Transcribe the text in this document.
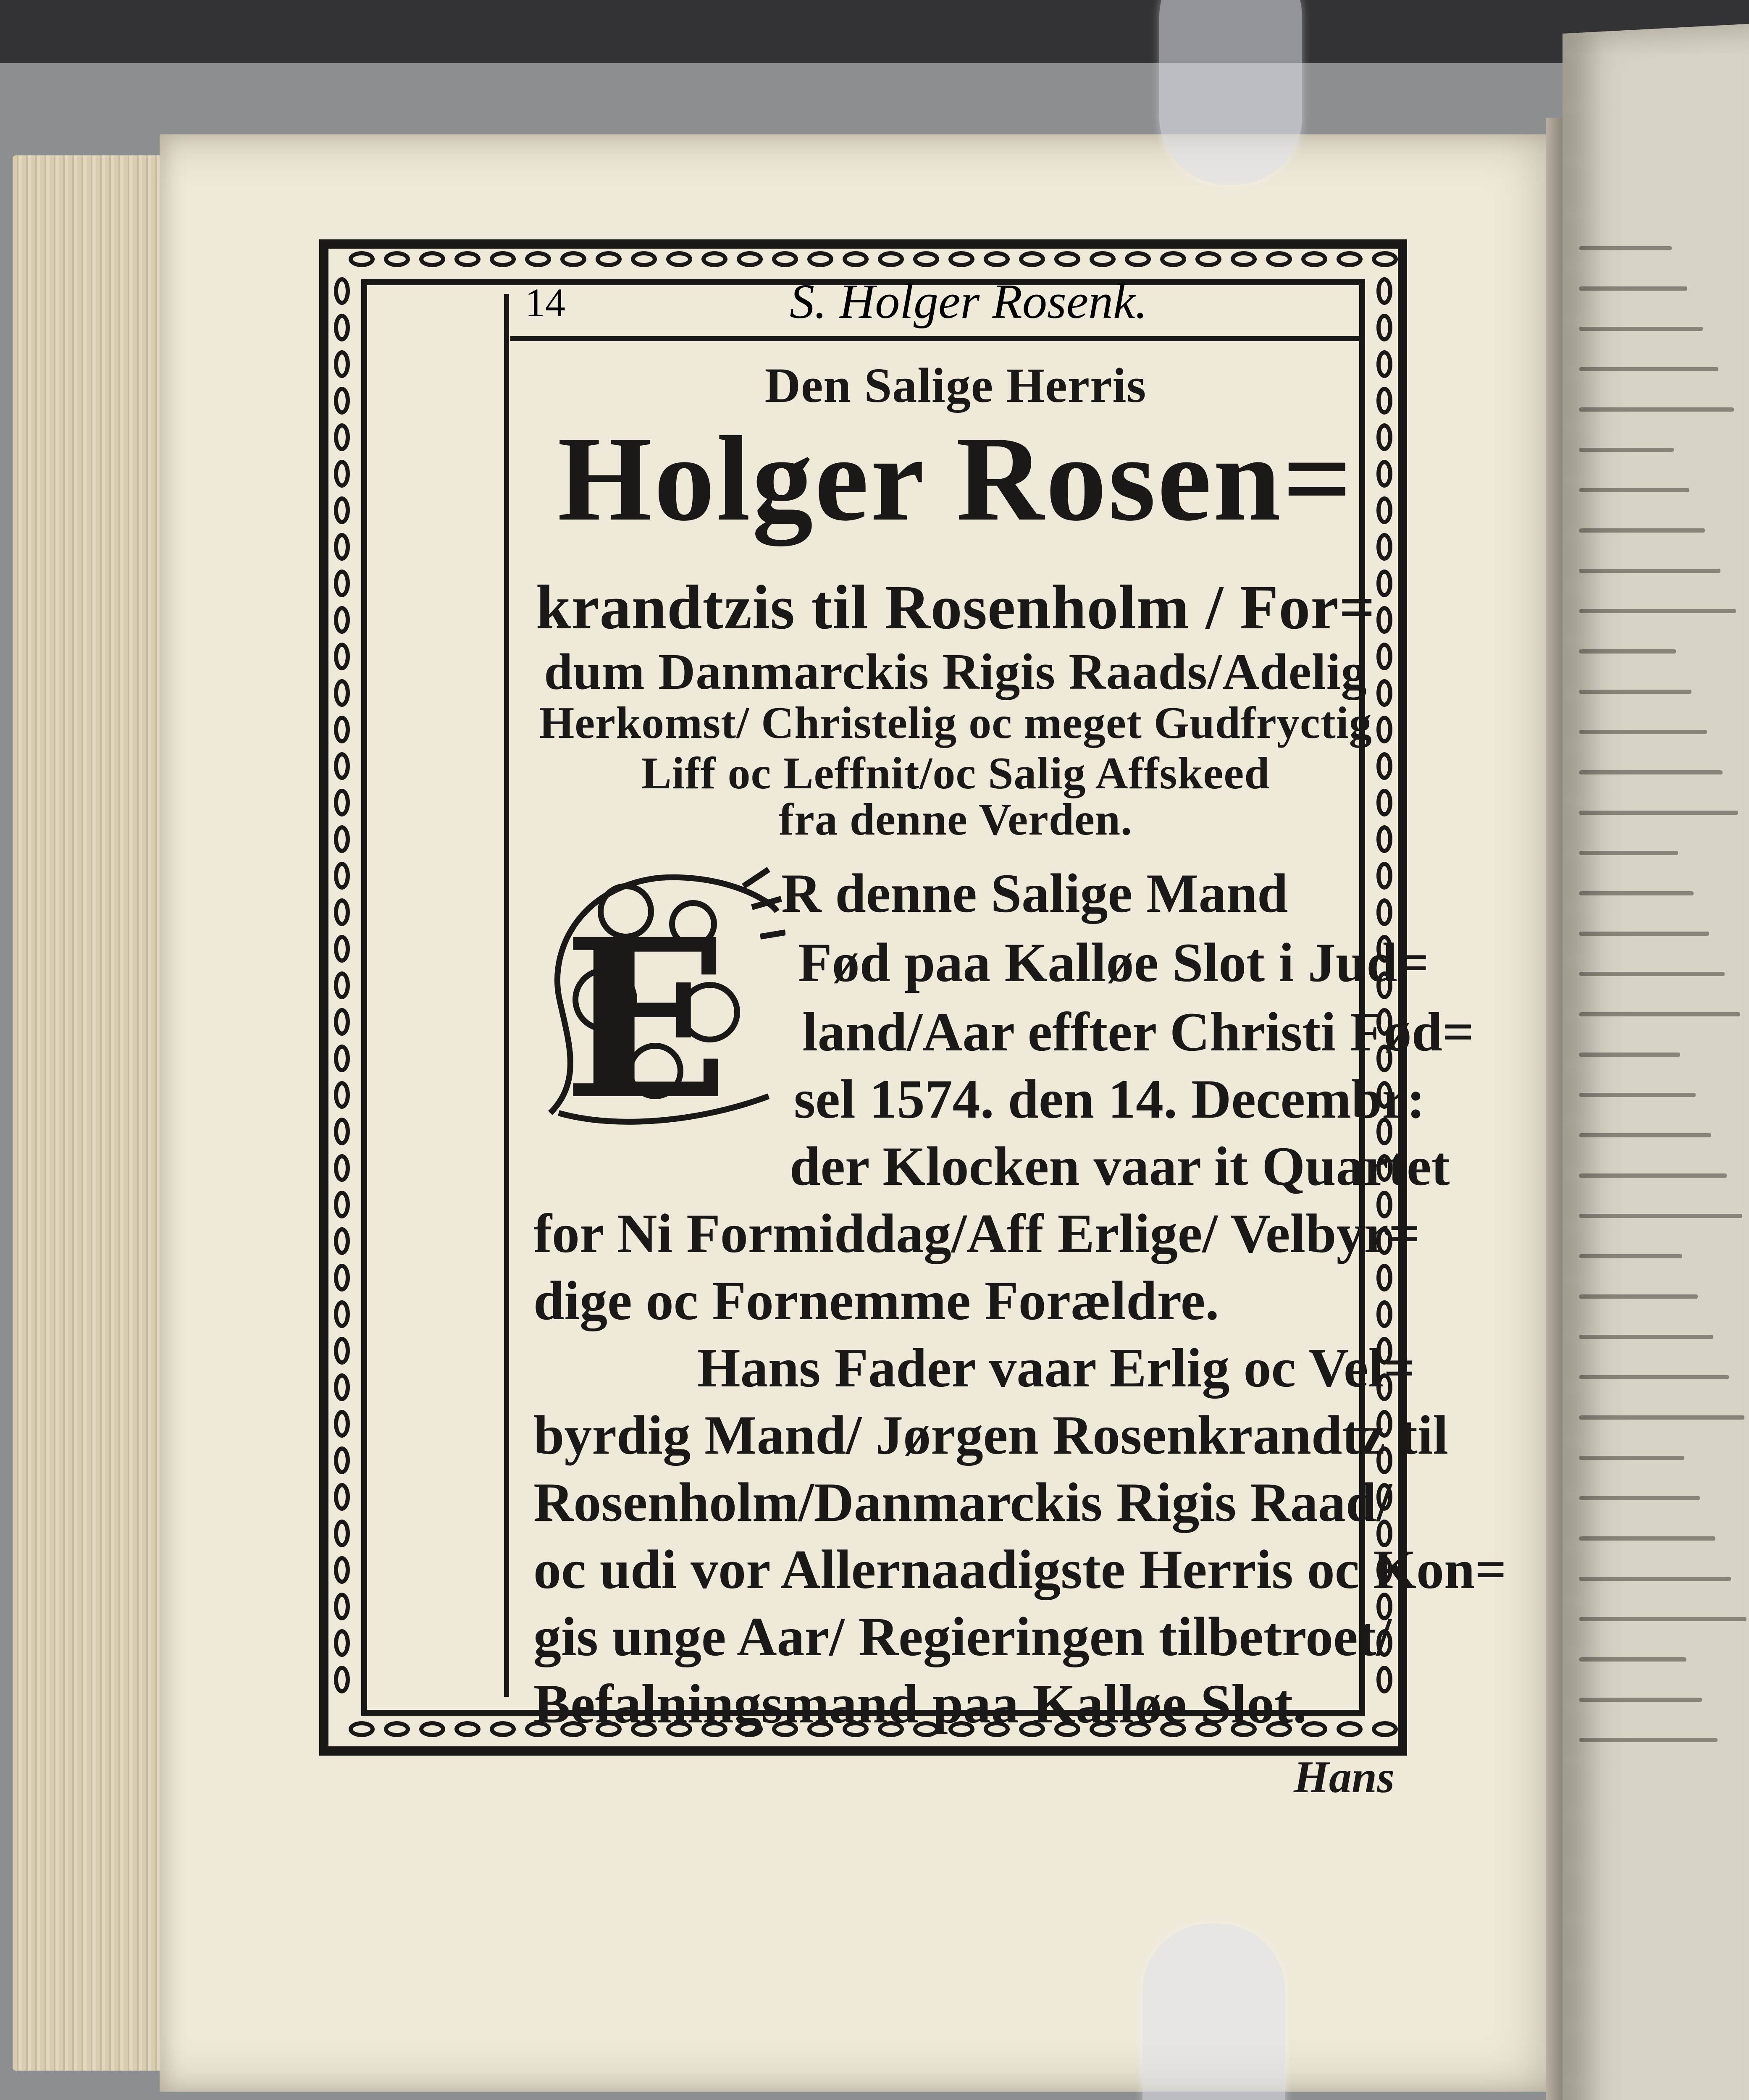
14	S. Holger Rosenk.
Den Salige Herris
Holger Rosen=
krandtzis til Rosenholm / For=
dum Danmarckis Rigis Raads/Adelig
Herkomst/ Christelig oc meget Gudfryctig
Liff oc Leffnit/oc Salig Affskeed
fra denne Verden.
E R denne Salige Mand
Fød paa Kalløe Slot i Jud=
land/Aar effter Christi Fød=
sel 1574. den 14. Decembr:
der Klocken vaar it Quartet
for Ni Formiddag/Aff Erlige/ Velbyr=
dige oc Fornemme Forældre.
Hans Fader vaar Erlig oc Vel=
byrdig Mand/ Jørgen Rosenkrandtz til
Rosenholm/Danmarckis Rigis Raad/
oc udi vor Allernaadigste Herris oc Kon=
gis unge Aar/ Regieringen tilbetroet/
Befalningsmand paa Kalløe Slot.
Hans
